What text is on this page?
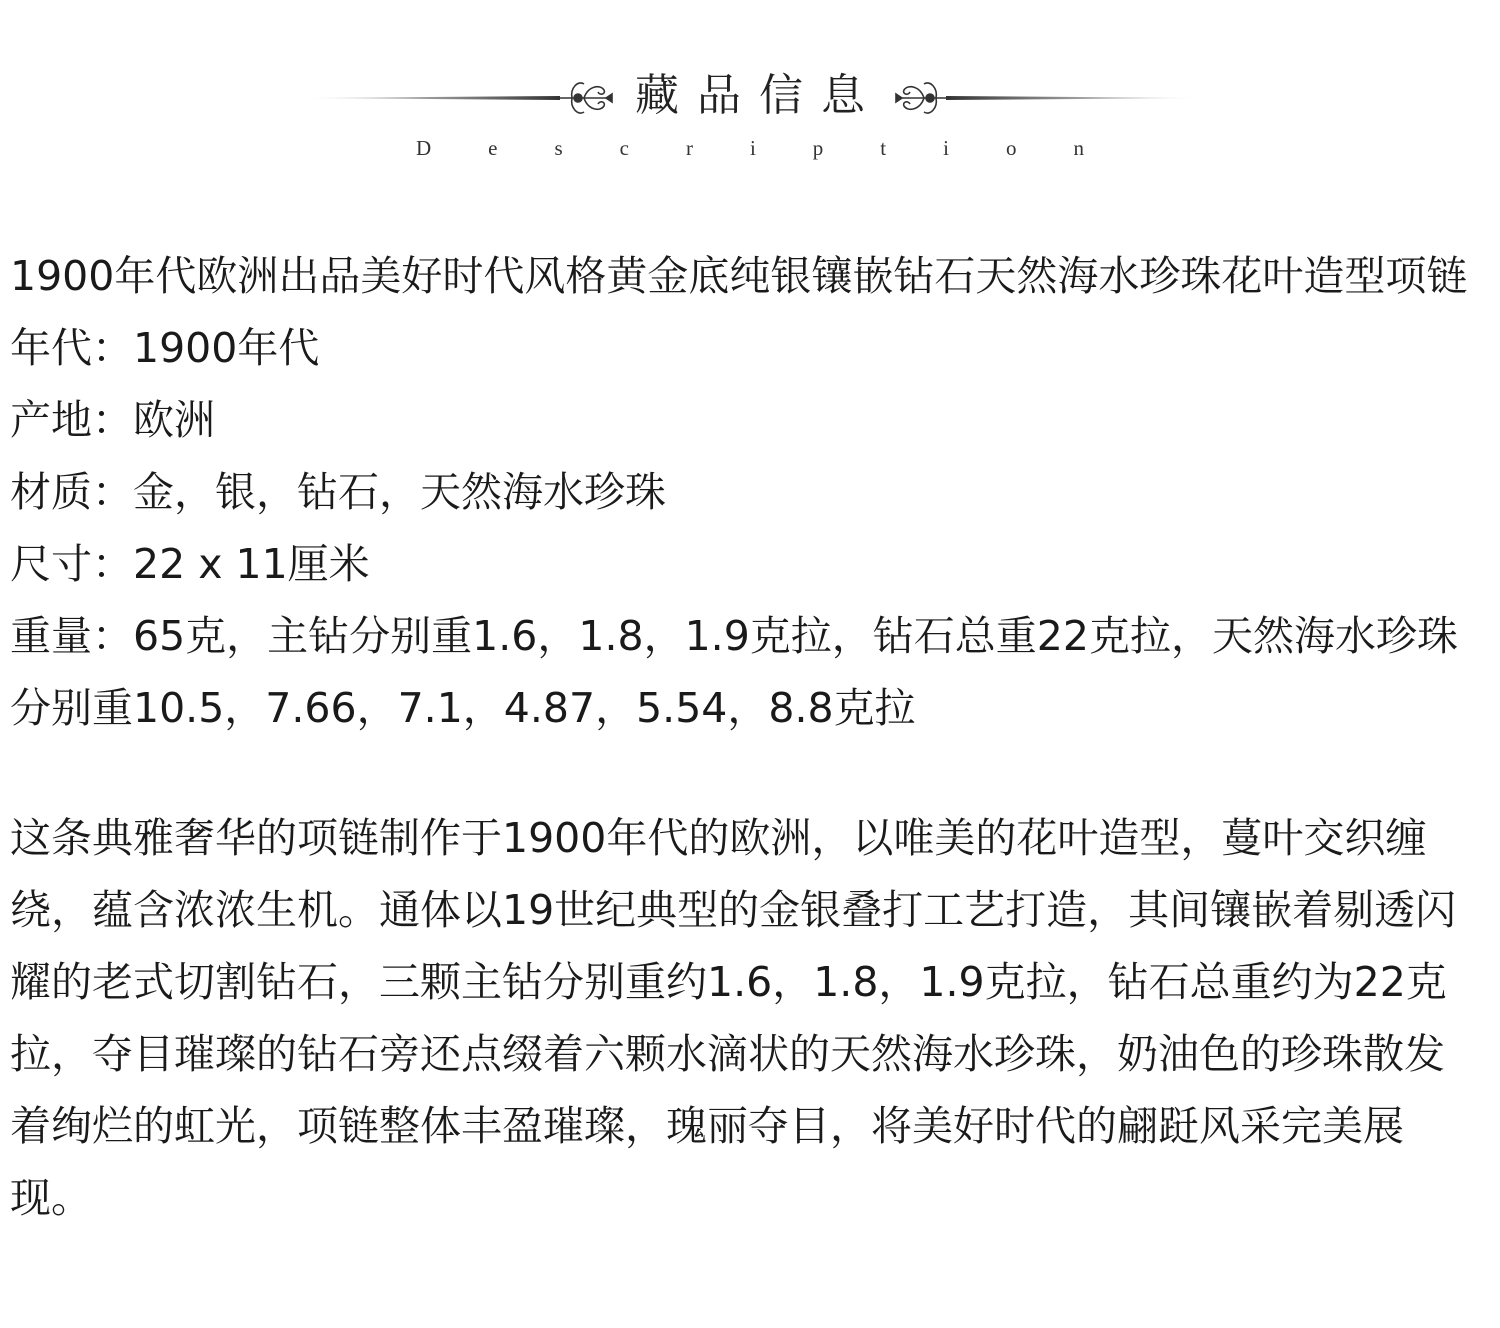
藏品信息
Description

1900年代欧洲出品美好时代风格黄金底纯银镶嵌钻石天然海水珍珠花叶造型项链

年代：1900年代

产地：欧洲

材质：金，银，钻石，天然海水珍珠

尺寸：22 x 11厘米

重量：65克，主钻分别重1.6，1.8，1.9克拉，钻石总重22克拉，天然海水珍珠分别重10.5，7.66，7.1，4.87，5.54，8.8克拉

这条典雅奢华的项链制作于1900年代的欧洲，以唯美的花叶造型，蔓叶交织缠绕，蕴含浓浓生机。通体以19世纪典型的金银叠打工艺打造，其间镶嵌着剔透闪耀的老式切割钻石，三颗主钻分别重约1.6，1.8，1.9克拉，钻石总重约为22克拉，夺目璀璨的钻石旁还点缀着六颗水滴状的天然海水珍珠，奶油色的珍珠散发着绚烂的虹光，项链整体丰盈璀璨，瑰丽夺目，将美好时代的翩跹风采完美展现。
